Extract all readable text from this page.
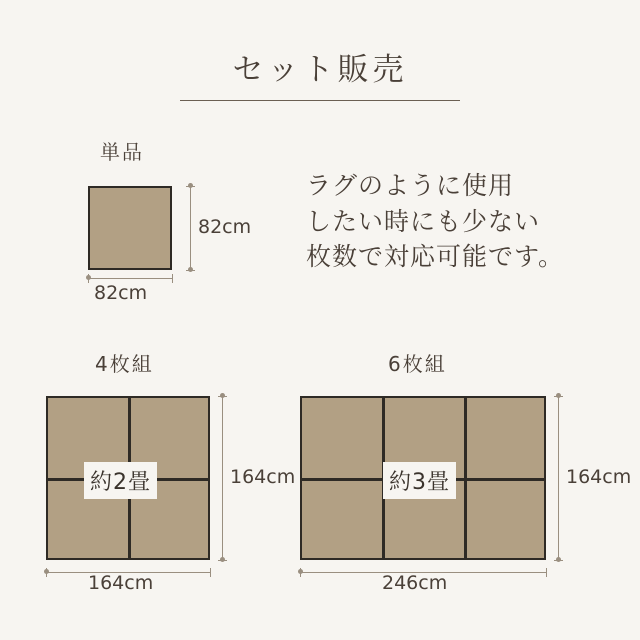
セット販売
単品
82cm
82cm
ラグのように使用
したい時にも少ない
枚数で対応可能です。
4枚組
約2畳	164cm
164cm
6枚組
約3畳	164cm
246cm
